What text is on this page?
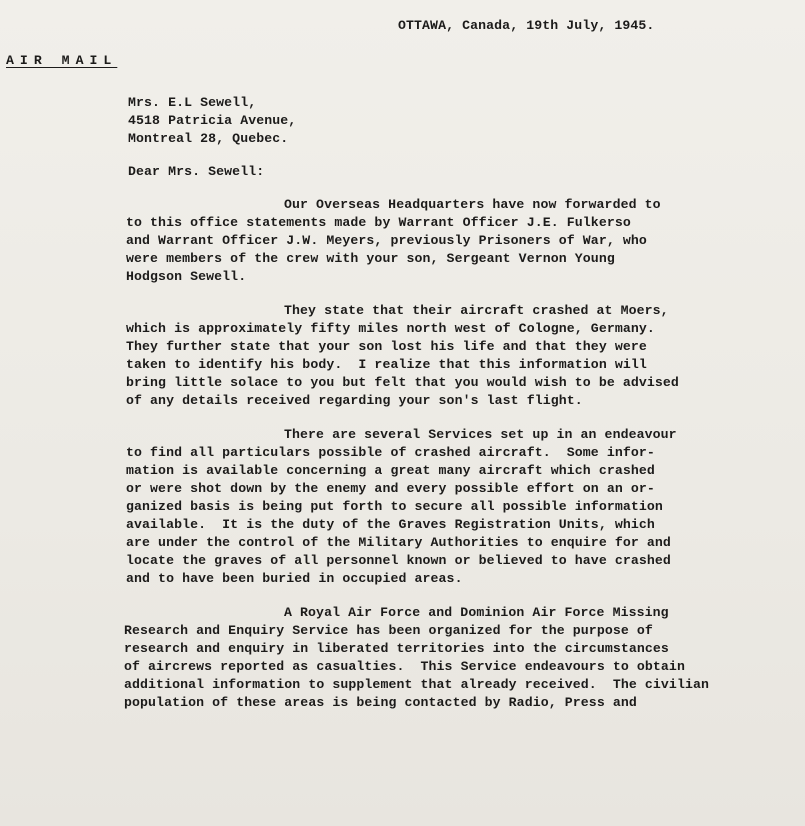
OTTAWA, Canada, 19th July, 1945.
AIR MAIL
Mrs. E.L Sewell,
4518 Patricia Avenue,
Montreal 28, Quebec.
Dear Mrs. Sewell:
Our Overseas Headquarters have now forwarded to
to this office statements made by Warrant Officer J.E. Fulkerso
and Warrant Officer J.W. Meyers, previously Prisoners of War, who
were members of the crew with your son, Sergeant Vernon Young
Hodgson Sewell.
They state that their aircraft crashed at Moers,
which is approximately fifty miles north west of Cologne, Germany.
They further state that your son lost his life and that they were
taken to identify his body.  I realize that this information will
bring little solace to you but felt that you would wish to be advised
of any details received regarding your son's last flight.
There are several Services set up in an endeavour
to find all particulars possible of crashed aircraft.  Some infor-
mation is available concerning a great many aircraft which crashed
or were shot down by the enemy and every possible effort on an or-
ganized basis is being put forth to secure all possible information
available.  It is the duty of the Graves Registration Units, which
are under the control of the Military Authorities to enquire for and
locate the graves of all personnel known or believed to have crashed
and to have been buried in occupied areas.
A Royal Air Force and Dominion Air Force Missing
Research and Enquiry Service has been organized for the purpose of
research and enquiry in liberated territories into the circumstances
of aircrews reported as casualties.  This Service endeavours to obtain
additional information to supplement that already received.  The civilian
population of these areas is being contacted by Radio, Press and
